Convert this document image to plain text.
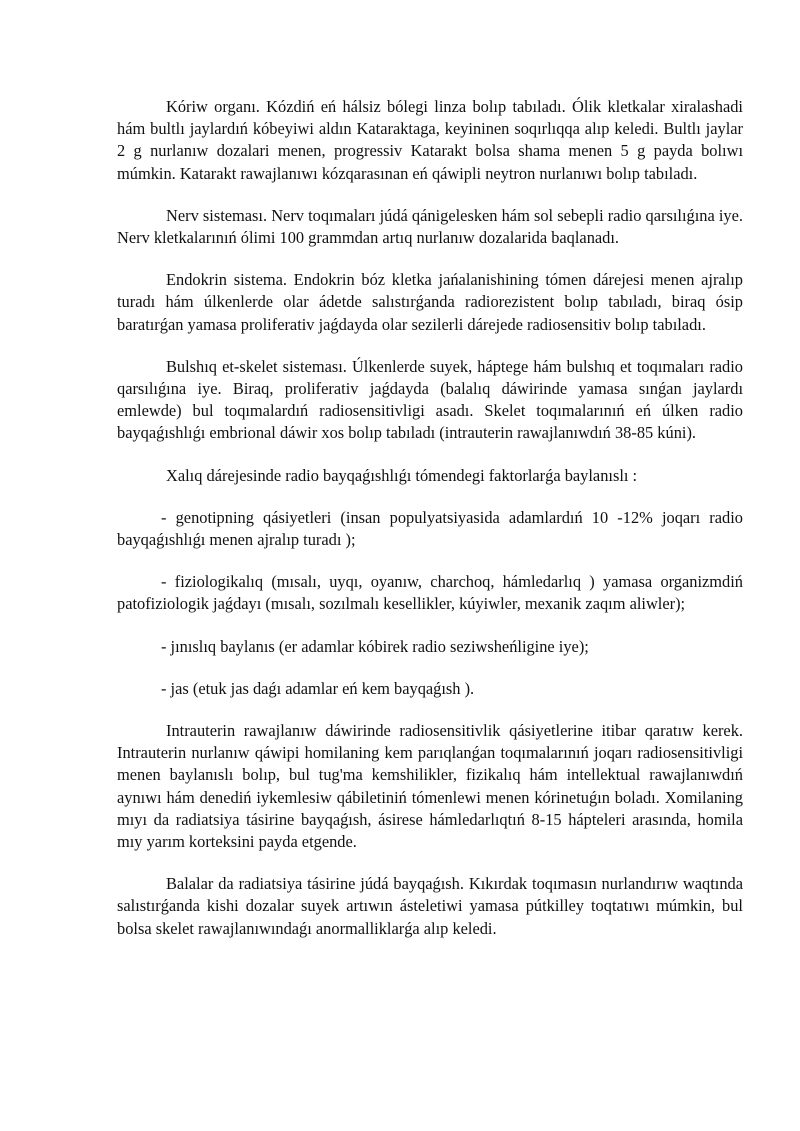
Kóriw organı. Kózdiń eń hálsiz bólegi linza bolıp tabıladı. Ólik kletkalar xiralashadi hám bultlı jaylardıń kóbeyiwi aldın Kataraktaga, keyininen soqırlıqqa alıp keledi. Bultlı jaylar 2 g nurlanıw dozalari menen, progressiv Katarakt bolsa shama menen 5 g payda bolıwı múmkin. Katarakt rawajlanıwı kózqarasınan eń qáwipli neytron nurlanıwı bolıp tabıladı.

Nerv sisteması. Nerv toqımaları júdá qánigelesken hám sol sebepli radio qarsılıǵına iye. Nerv kletkalarınıń ólimi 100 grammdan artıq nurlanıw dozalarida baqlanadı.

Endokrin sistema. Endokrin bóz kletka jańalanishining tómen dárejesi menen ajralıp turadı hám úlkenlerde olar ádetde salıstırǵanda radiorezistent bolıp tabıladı, biraq ósip baratırǵan yamasa proliferativ jaǵdayda olar sezilerli dárejede radiosensitiv bolıp tabıladı.

Bulshıq et-skelet sisteması. Úlkenlerde suyek, háptege hám bulshıq et toqımaları radio qarsılıǵına iye. Biraq, proliferativ jaǵdayda (balalıq dáwirinde yamasa sınǵan jaylardı emlewde) bul toqımalardıń radiosensitivligi asadı. Skelet toqımalarınıń eń úlken radio bayqaǵıshlıǵı embrional dáwir xos bolıp tabıladı (intrauterin rawajlanıwdıń 38-85 kúni).

Xalıq dárejesinde radio bayqaǵıshlıǵı tómendegi faktorlarǵa baylanıslı :

- genotipning qásiyetleri (insan populyatsiyasida adamlardıń 10 -12% joqarı radio bayqaǵıshlıǵı menen ajralıp turadı );

- fiziologikalıq (mısalı, uyqı, oyanıw, charchoq, hámledarlıq ) yamasa organizmdiń patofiziologik jaǵdayı (mısalı, sozılmalı kesellikler, kúyiwler, mexanik zaqım aliwler);

- jınıslıq baylanıs (er adamlar kóbirek radio seziwsheńligine iye);

- jas (etuk jas daǵı adamlar eń kem bayqaǵısh ).

Intrauterin rawajlanıw dáwirinde radiosensitivlik qásiyetlerine itibar qaratıw kerek. Intrauterin nurlanıw qáwipi homilaning kem parıqlanǵan toqımalarınıń joqarı radiosensitivligi menen baylanıslı bolıp, bul tug'ma kemshilikler, fizikalıq hám intellektual rawajlanıwdıń aynıwı hám denediń iykemlesiw qábiletiniń tómenlewi menen kórinetuǵın boladı. Xomilaning mıyı da radiatsiya tásirine bayqaǵısh, ásirese hámledarlıqtıń 8-15 hápteleri arasında, homila mıy yarım korteksini payda etgende.

Balalar da radiatsiya tásirine júdá bayqaǵısh. Kıkırdak toqımasın nurlandırıw waqtında salıstırǵanda kishi dozalar suyek artıwın ásteletiwi yamasa pútkilley toqtatıwı múmkin, bul bolsa skelet rawajlanıwındaǵı anormalliklarǵa alıp keledi.
